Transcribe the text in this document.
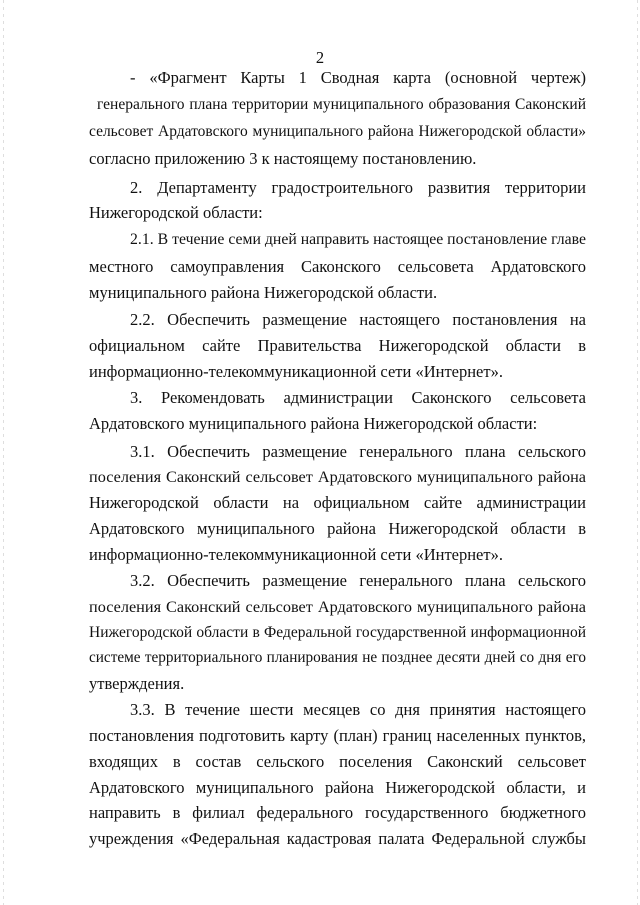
2
- «Фрагмент Карты 1 Сводная карта (основной чертеж)
генерального плана территории муниципального образования Саконский
сельсовет Ардатовского муниципального района Нижегородской области»
согласно приложению 3 к настоящему постановлению.
2. Департаменту градостроительного развития территории
Нижегородской области:
2.1. В течение семи дней направить настоящее постановление главе
местного самоуправления Саконского сельсовета Ардатовского
муниципального района Нижегородской области.
2.2. Обеспечить размещение настоящего постановления на
официальном сайте Правительства Нижегородской области в
информационно-телекоммуникационной сети «Интернет».
3. Рекомендовать администрации Саконского сельсовета
Ардатовского муниципального района Нижегородской области:
3.1. Обеспечить размещение генерального плана сельского
поселения Саконский сельсовет Ардатовского муниципального района
Нижегородской области на официальном сайте администрации
Ардатовского муниципального района Нижегородской области в
информационно-телекоммуникационной сети «Интернет».
3.2. Обеспечить размещение генерального плана сельского
поселения Саконский сельсовет Ардатовского муниципального района
Нижегородской области в Федеральной государственной информационной
системе территориального планирования не позднее десяти дней со дня его
утверждения.
3.3. В течение шести месяцев со дня принятия настоящего
постановления подготовить карту (план) границ населенных пунктов,
входящих в состав сельского поселения Саконский сельсовет
Ардатовского муниципального района Нижегородской области, и
направить в филиал федерального государственного бюджетного
учреждения «Федеральная кадастровая палата Федеральной службы
